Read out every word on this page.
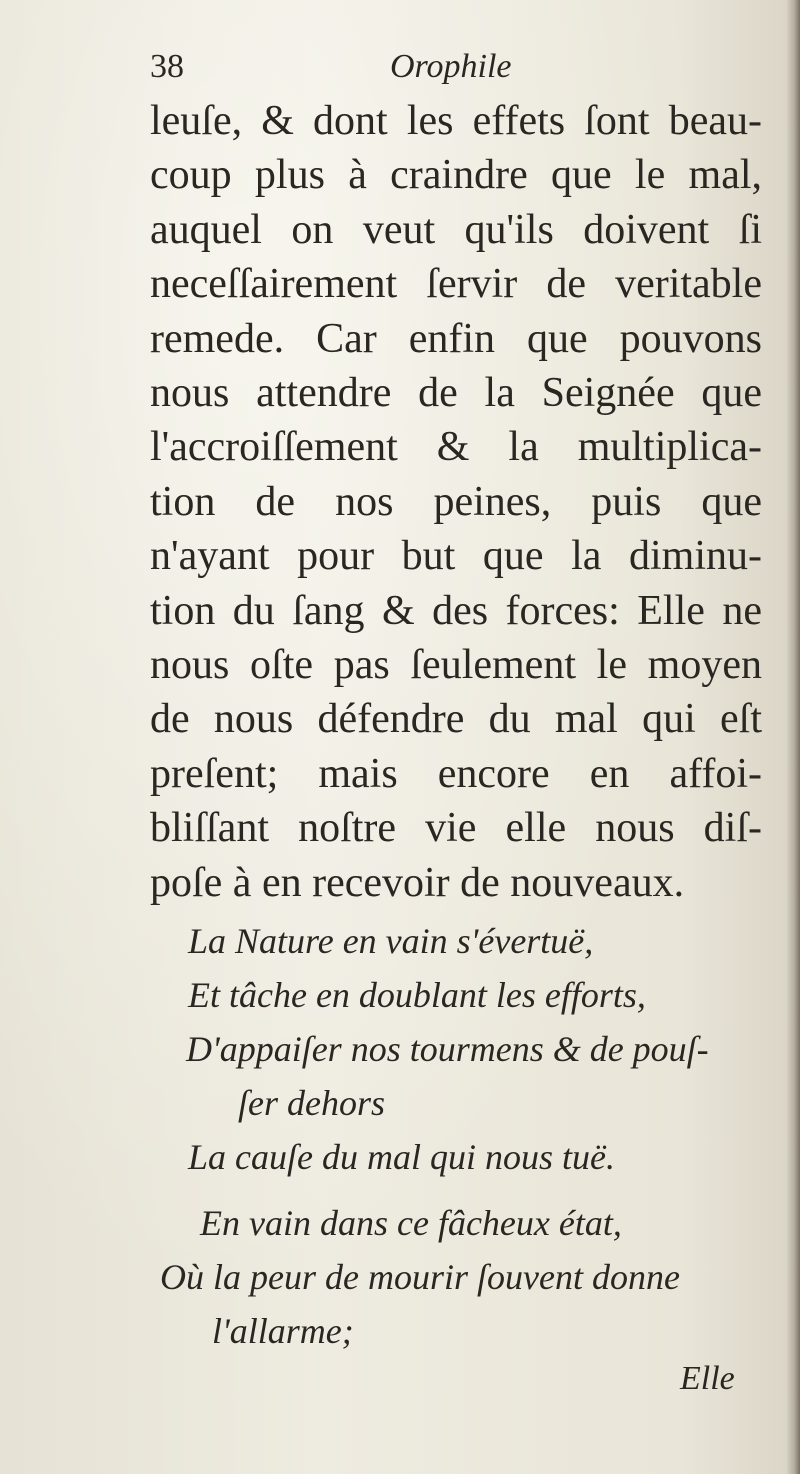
38	Orophile
leuſe, & dont les effets ſont beau-
coup plus à craindre que le mal,
auquel on veut qu'ils doivent ſi
neceſſairement ſervir de veritable
remede. Car enfin que pouvons
nous attendre de la Seignée que
l'accroiſſement & la multiplica-
tion de nos peines, puis que
n'ayant pour but que la diminu-
tion du ſang & des forces: Elle ne
nous oſte pas ſeulement le moyen
de nous défendre du mal qui eſt
preſent; mais encore en affoi-
bliſſant noſtre vie elle nous diſ-
poſe à en recevoir de nouveaux.
La Nature en vain s'évertuë,
Et tâche en doublant les efforts,
D'appaiſer nos tourmens & de pouſ-
ſer dehors
La cauſe du mal qui nous tuë.
En vain dans ce fâcheux état,
Où la peur de mourir ſouvent donne
l'allarme;
Elle
